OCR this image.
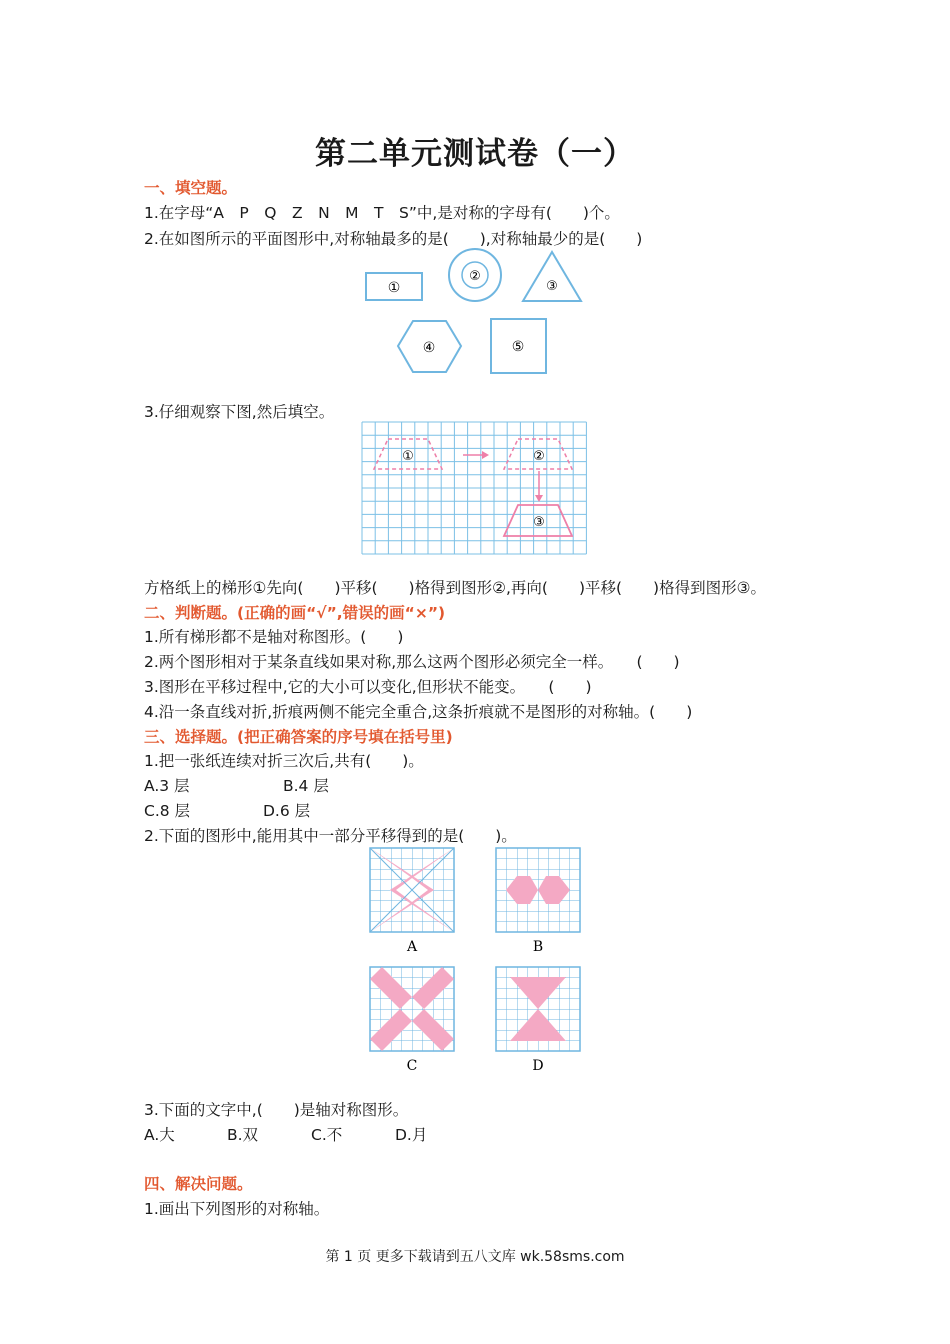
第二单元测试卷（一）
一、填空题。
1.在字母“A　P　Q　Z　N　M　T　S”中,是对称的字母有(　　)个。
2.在如图所示的平面图形中,对称轴最多的是(　　),对称轴最少的是(　　)
①
②
③
④	⑤
3.仔细观察下图,然后填空。
①	②
③
方格纸上的梯形①先向(　　)平移(　　)格得到图形②,再向(　　)平移(　　)格得到图形③。
二、判断题。(正确的画“√”,错误的画“×”)
1.所有梯形都不是轴对称图形。(　　)
2.两个图形相对于某条直线如果对称,那么这两个图形必须完全一样。　　(　　)
3.图形在平移过程中,它的大小可以变化,但形状不能变。　　(　　)
4.沿一条直线对折,折痕两侧不能完全重合,这条折痕就不是图形的对称轴。(　　)
三、选择题。(把正确答案的序号填在括号里)
1.把一张纸连续对折三次后,共有(　　)。
A.3 层	B.4 层
C.8 层	D.6 层
2.下面的图形中,能用其中一部分平移得到的是(　　)。
A	B
C	D
3.下面的文字中,(　　)是轴对称图形。
A.大	B.双	C.不	D.月
四、解决问题。
1.画出下列图形的对称轴。
第 1 页 更多下载请到五八文库 wk.58sms.com
